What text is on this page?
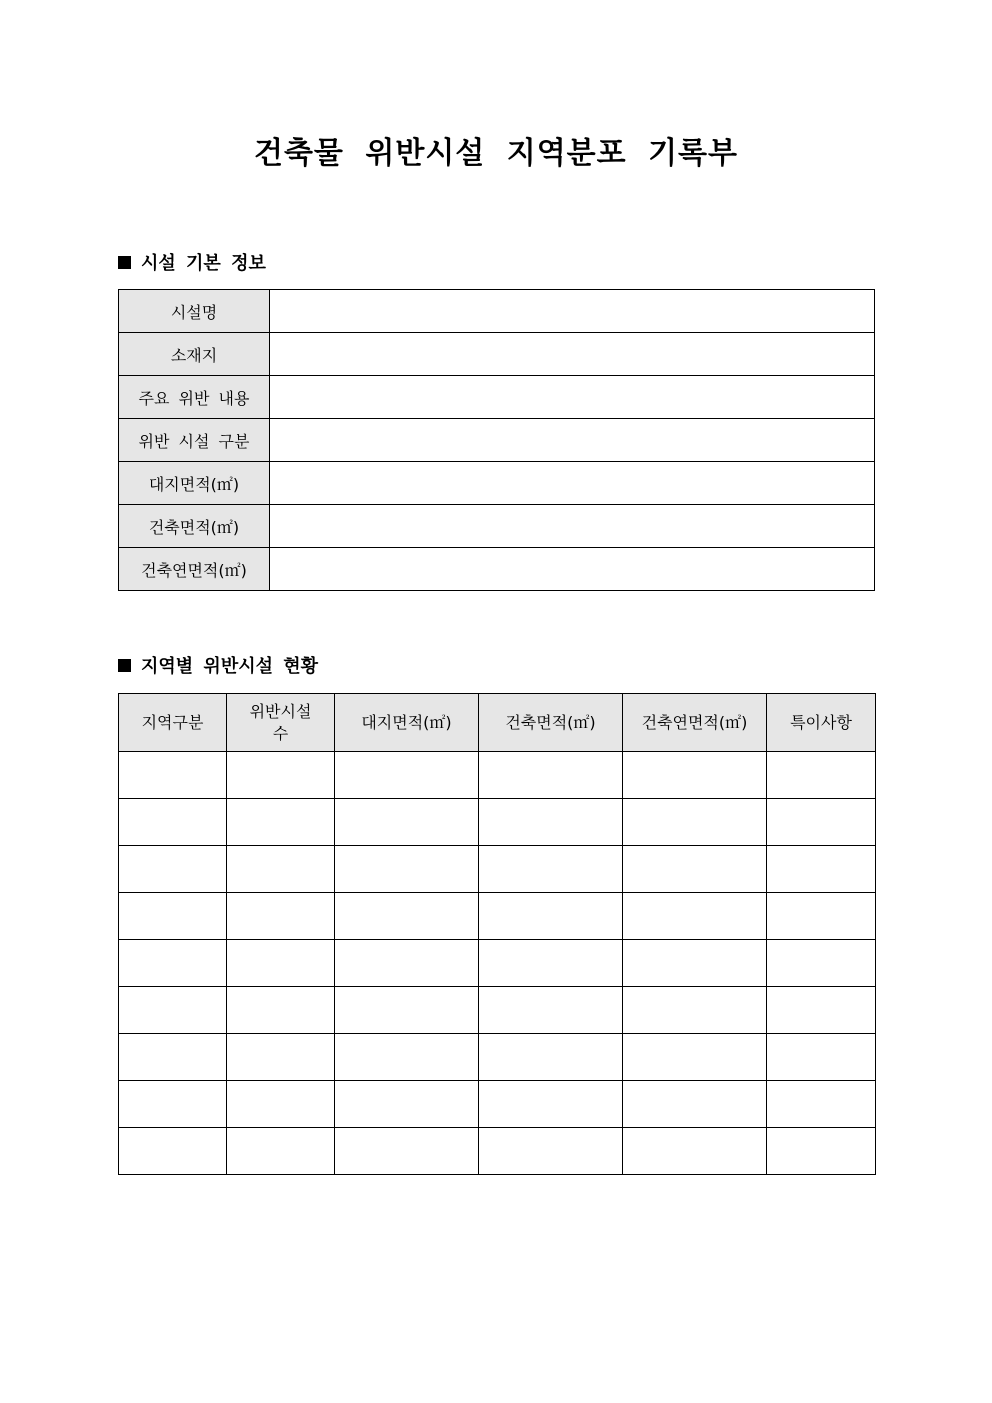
건축물 위반시설 지역분포 기록부
시설 기본 정보
시설명	
소재지	
주요 위반 내용	
위반 시설 구분	
대지면적(㎡)	
건축면적(㎡)	
건축연면적(㎡)	
지역별 위반시설 현황
지역구분	위반시설 수	대지면적(㎡)	건축면적(㎡)	건축연면적(㎡)	특이사항
